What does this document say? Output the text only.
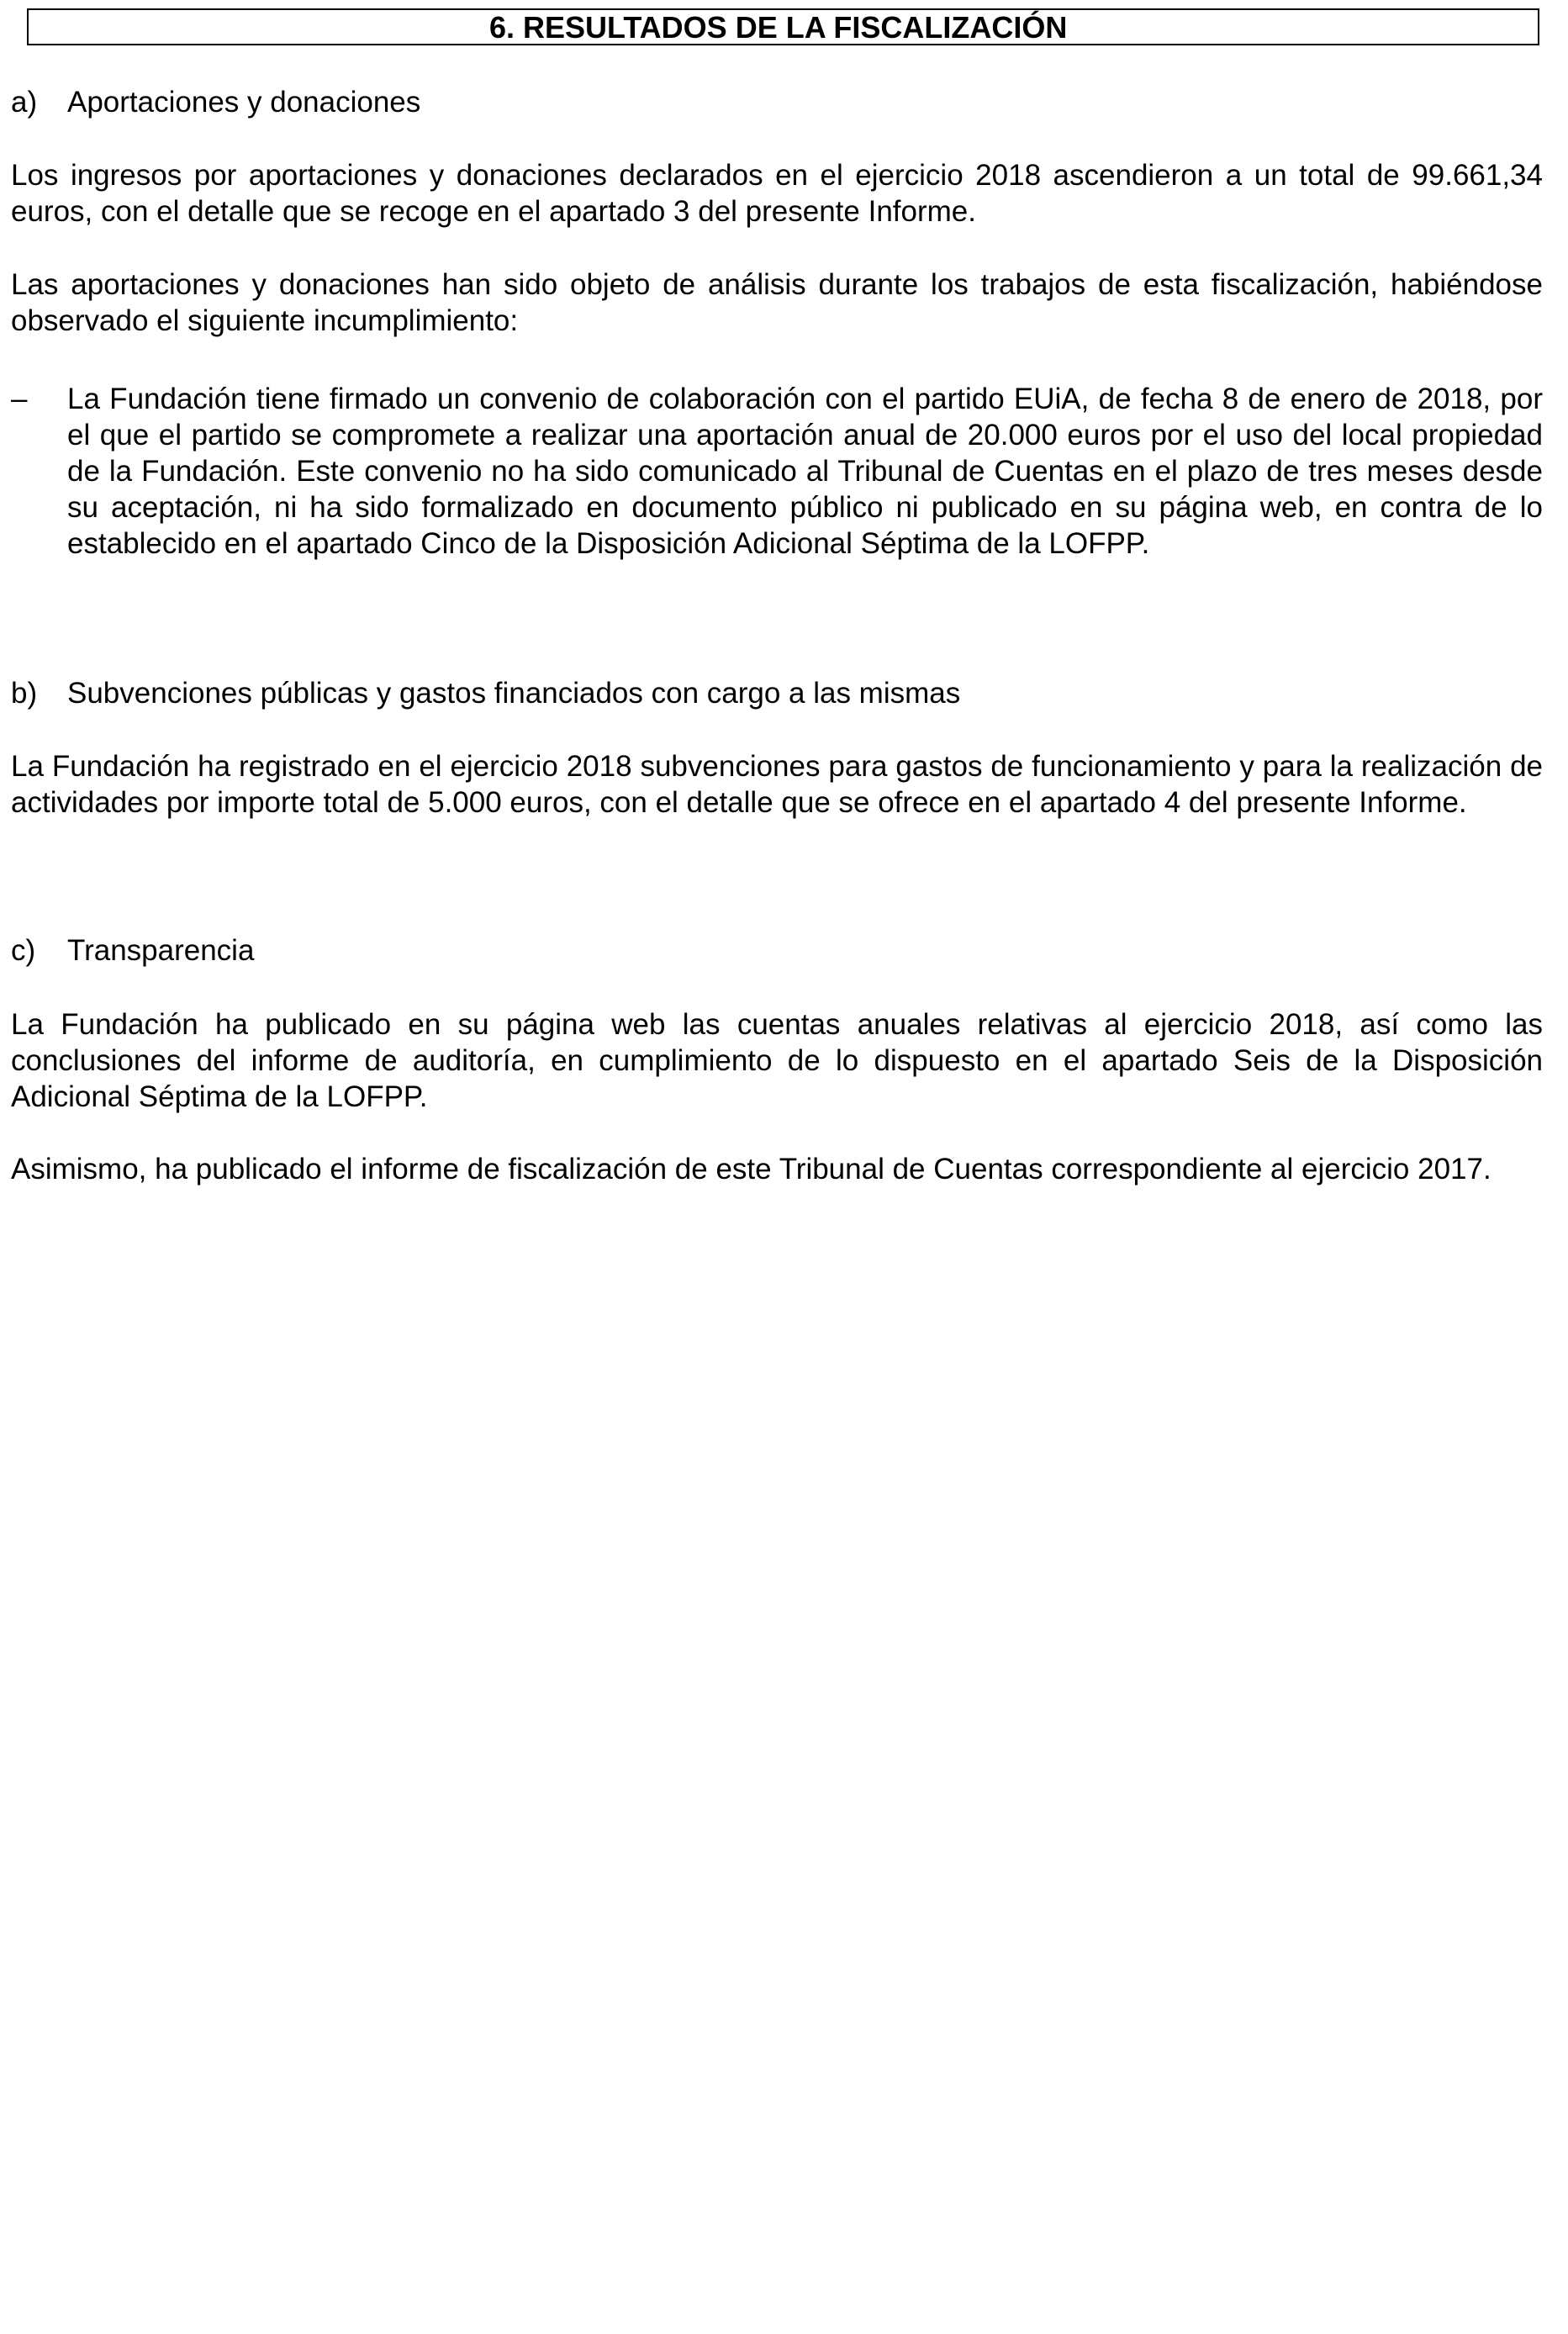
6. RESULTADOS DE LA FISCALIZACIÓN
a) Aportaciones y donaciones
Los ingresos por aportaciones y donaciones declarados en el ejercicio 2018 ascendieron a un total de 99.661,34 euros, con el detalle que se recoge en el apartado 3 del presente Informe.
Las aportaciones y donaciones han sido objeto de análisis durante los trabajos de esta fiscalización, habiéndose observado el siguiente incumplimiento:
– La Fundación tiene firmado un convenio de colaboración con el partido EUiA, de fecha 8 de enero de 2018, por el que el partido se compromete a realizar una aportación anual de 20.000 euros por el uso del local propiedad de la Fundación. Este convenio no ha sido comunicado al Tribunal de Cuentas en el plazo de tres meses desde su aceptación, ni ha sido formalizado en documento público ni publicado en su página web, en contra de lo establecido en el apartado Cinco de la Disposición Adicional Séptima de la LOFPP.
b) Subvenciones públicas y gastos financiados con cargo a las mismas
La Fundación ha registrado en el ejercicio 2018 subvenciones para gastos de funcionamiento y para la realización de actividades por importe total de 5.000 euros, con el detalle que se ofrece en el apartado 4 del presente Informe.
c) Transparencia
La Fundación ha publicado en su página web las cuentas anuales relativas al ejercicio 2018, así como las conclusiones del informe de auditoría, en cumplimiento de lo dispuesto en el apartado Seis de la Disposición Adicional Séptima de la LOFPP.
Asimismo, ha publicado el informe de fiscalización de este Tribunal de Cuentas correspondiente al ejercicio 2017.
